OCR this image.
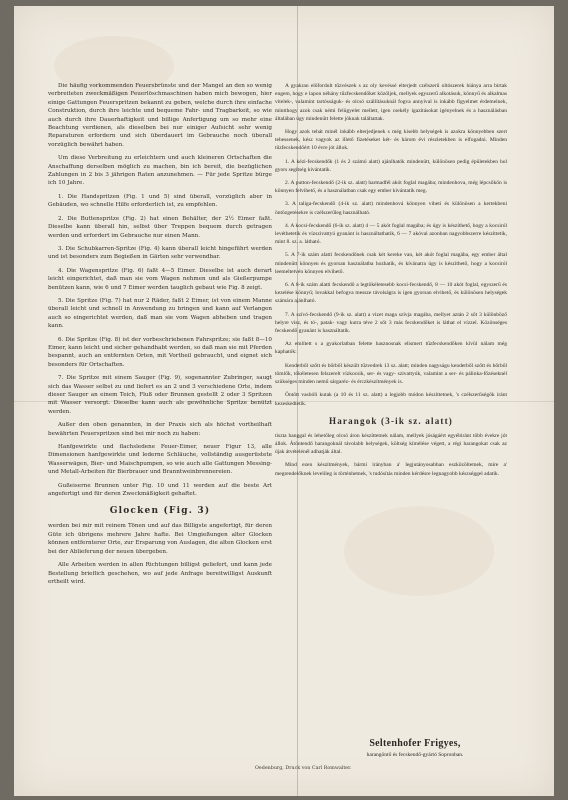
Die häufig vorkommenden Feuersbrünste und der Mangel an den so wenig verbreiteten zweckmäßigen Feuerlöschmaschinen haben mich bewogen, hier einige Gattungen Feuerspritzen bekannt zu geben, welche durch ihre einfache Construktion, durch ihre leichte und bequeme Fahr- und Tragbarkeit, so wie auch durch ihre Dauerhaftigkeit und billige Anfertigung um so mehr eine Beachtung verdienen, als dieselben bei nur einiger Aufsicht sehr wenig Reparaturen erfordern und sich überdauert im Gebrauche noch überall vorzüglich bewährt haben.

Um diese Verbreitung zu erleichtern und auch kleineren Ortschaften die Anschaffung derselben möglich zu machen, bin ich bereit, die bezüglichen Zahlungen in 2 bis 3 jährigen Raten anzunehmen. — Für jede Spritze bürge ich 10 Jahre.

1. Die Handspritzen (Fig. 1 und 5) sind überall, vorzüglich aber in Gebäuden, wo schnelle Hilfe erforderlich ist, zu empfehlen.

2. Die Buttenspritze (Fig. 2) hat einen Behälter, der 2½ Eimer faßt. Dieselbe kann überall hin, selbst über Treppen bequem durch getragen werden und erfordert im Gebrauche nur einen Mann.

3. Die Schubkarren-Spritze (Fig. 4) kann überall leicht hingeführt werden und ist besonders zum Begießen in Gärten sehr verwendbar.

4. Die Wagenspritze (Fig. 6) faßt 4—5 Eimer. Dieselbe ist auch derart leicht eingerichtet, daß man sie vom Wagen nehmen und als Gießerpumpe benützen kann, wie 6 und 7 Eimer werden tauglich gebaut wie Fig. 8 zeigt.

5. Die Spritze (Fig. 7) hat nur 2 Räder, faßt 2 Eimer, ist von einem Manne überall leicht und schnell in Anwendung zu bringen und kann auf Verlangen auch so eingerichtet werden, daß man sie vom Wagen abheben und tragen kann.

6. Die Spritze (Fig. 8) ist der vorbeschriebenen Fahrspritze; sie faßt 8—10 Eimer, kann leicht und sicher gehandhabt werden, so daß man sie mit Pferden bespannt, auch an entfernten Orten, mit Vortheil gebraucht, und eignet sich besonders für Ortschaften.

7. Die Spritze mit einem Sauger (Fig. 9), sogenannter Zubringer, saugt sich das Wasser selbst zu und liefert es an 2 und 3 verschiedene Orte, indem dieser Sauger an einem Teich, Fluß oder Brunnen gestellt 2 oder 3 Spritzen mit Wasser versorgt. Dieselbe kann auch als gewöhnliche Spritze benützt werden.

Außer den oben genannten, in der Praxis sich als höchst vortheilhaft bewährten Feuerspritzen sind bei mir noch zu haben:

Hanfgewirkte und flachsledene Feuer-Eimer, neuer Figur 13, alle Dimensionen hanfgewirkte und lederne Schläuche, vollständig ausgerüstete Wasserwägen, Bier- und Maischpumpen, so wie auch alle Gattungen Messing- und Metall-Arbeiten für Bierbrauer und Branntweinbrennereien.

Gußeiserne Brunnen unter Fig. 10 und 11 werden auf die beste Art angefertigt und für deren Zweckmäßigkeit gehaftet.

Glocken (Fig. 3)

werden bei mir mit reinem Tönen und auf das Billigste angefertigt, für deren Güte ich übrigens mehrere Jahre hafte. Bei Umgießungen alter Glocken können entfernterer Orte, zur Ersparung von Auslagen, die alten Glocken erst bei der Ablieferung der neuen übergeben.

Alle Arbeiten werden in allen Richtungen billigst geliefert, und kann jede Bestellung brieflich geschehen, wo auf jede Anfrage bereitwilligst Auskunft ertheilt wird.

A gyakran előfordult tűzvészek s az oly kevéssé elterjedt czélszerű oltószerek hiánya arra birtak engem, hogy e lapon néhány tűzfecskendőket közöljek, mellyek egyszerű alkotásuk, könnyű és alkalmas vitelek-, valamint tartósságuk- és olcsó szállításuknál fogva annyival is inkább figyelmet érdemelnek, mintthogy azok csak némi felügyelet mellett, igen csekély igazításokat igényelnek és a használásban általában úgy mindenütt felette jóknak találtattak.

Hogy azok tehát minél inkább elterjedjenek s még kisebb helységek is azokra könnyebben szert tehessenek, kész vagyok az illető fizetéseket két- és három évi részletekben is elfogadni. Minden tűzfecskendőért 10 évre jót állok.

1. A kézi-fecskendők (1 és 2 számú alatt) ajánlhatók mindenütt, különösen pedig épületekben hol gyors segítség kivántatik.

2. A putton-fecskendő (2-ik sz. alatt) harmadfél akót foglal magába; mindenhova, még lépcsőkön is könnyen felvihető, és a használatban csak egy ember kivántatik meg.

3. A taliga-fecskendő (4-ik sz. alatt) mindenhová könnyen viheti és különösen a kertekbeni öntözgetésekre is czélszerűleg használható.

4. A kocsi-fecskendő (6-ik sz. alatt) 4 — 5 akót foglal magába; és úgy is készíthető, hogy a kocsiról levéthetetik és vízszivattyú gyanánt is használtathatik, 6 — 7 akóval azonban nagyobbszerre készíttetik, mint 8. sz. a. látható.

5. A 7-ik szám alatti fecskendőnek csak két kereke van, két akót foglal magába, egy ember által mindenütt könnyen és gyorsan használatba hozhatik, és kívánatra úgy is készíthető, hogy a kocsiról leemeltetvén könnyen elvihető.

6. A 8-ik szám alatti fecskendő a legtökéletesebb kocsi-fecskendő, 8 — 10 akót foglal, egyszerű és kezelése könnyű; lovakkal befogva messze távolságra is igen gyorsan elvihető, és különösen helységek számára ajánlható.

7. A szívó-fecskendő (9-ik sz. alatt) a vizet maga szívja magába, mellyet aztán 2 sőt 3 különböző helyre visz, és tó-, patak- vagy kutra téve 2 sőt 3 más fecskendőket is láthat el vízzel. Közönséges fecskendő gyanánt is használtatik.

Az említett s a gyakorlatban felette hasznosnak elismert tűzfecskendőken kívül nálam még kaphatók:

Kenderből szőtt és bőrből készült tűzvedrek 13 sz. alatt; minden nagyságu kenderből szőtt és bőrből tömlők, tökéletesen felszerelt vízkocsik, ser- és vagy- szivattyúk, valamint a ser- és pálinka-főzéseknél szükséges minden nemű sárgaréz- és érczkészítmények is.

Öntött vasbóli kutak (a 10 és 11 sz. alatt) a legjobb módon készíttetnek, 's czélszerűségök iránt kezeskedtetik.

Harangok (3-ik sz. alatt)

tiszta hanggal és lehetőleg olcsó áron készíttetnek nálam, mellyek jóságáért egyébiránt több évekre jót állok. Átöntendő harangoknál távolabb helységek, költség kímélése végett, a régi harangokat csak az újak átvételénél adhatják által.

Mind ezen készítmények, bármi irányban a' legjutányosabban eszközöltetnek, mire a' megrendelőknek levelileg is történhetnek, 's tudósítás minden kérdésre legnagyobb készséggel adatik.

Seltenhofer Frigyes,
harangöntő és fecskendő-gyártó Sopronban.
Oedenburg, Druck von Carl Romwalter.
